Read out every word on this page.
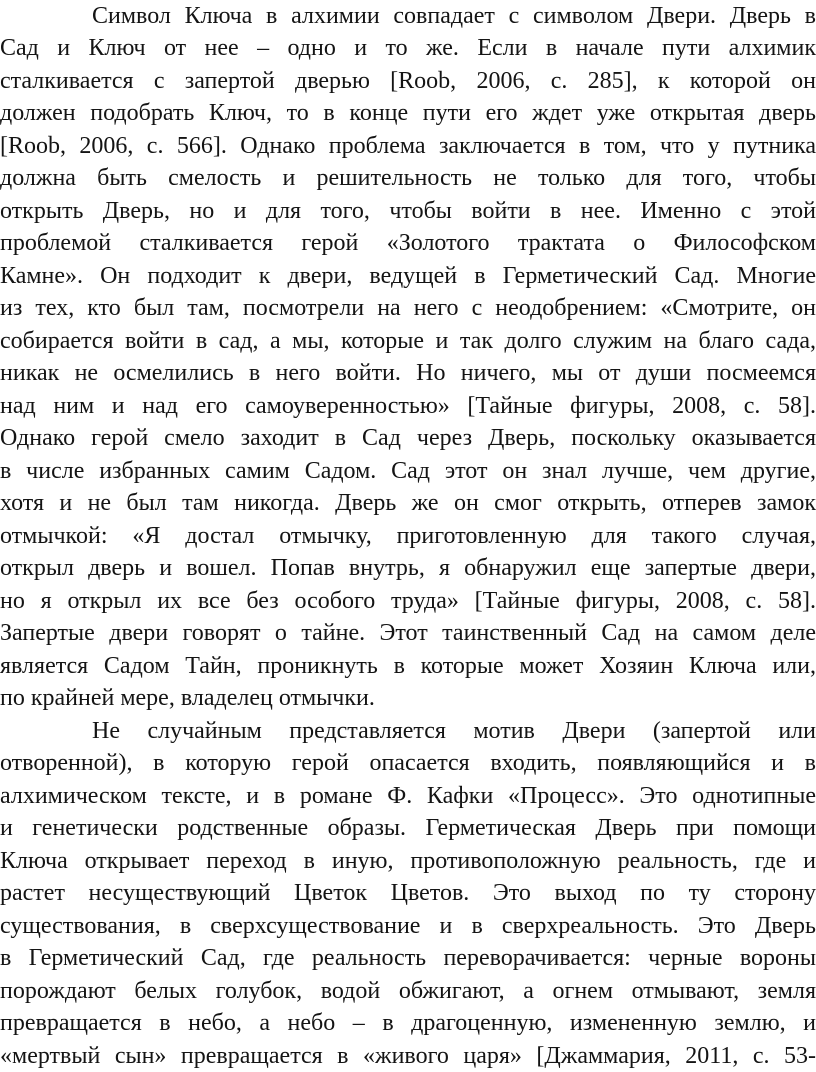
Символ Ключа в алхимии совпадает с символом Двери. Дверь в
Сад и Ключ от нее – одно и то же. Если в начале пути алхимик
сталкивается с запертой дверью [Roob, 2006, с. 285], к которой он
должен подобрать Ключ, то в конце пути его ждет уже открытая дверь
[Roob, 2006, с. 566]. Однако проблема заключается в том, что у путника
должна быть смелость и решительность не только для того, чтобы
открыть Дверь, но и для того, чтобы войти в нее. Именно с этой
проблемой сталкивается герой «Золотого трактата о Философском
Камне». Он подходит к двери, ведущей в Герметический Сад. Многие
из тех, кто был там, посмотрели на него с неодобрением: «Смотрите, он
собирается войти в сад, а мы, которые и так долго служим на благо сада,
никак не осмелились в него войти. Но ничего, мы от души посмеемся
над ним и над его самоуверенностью» [Тайные фигуры, 2008, с. 58].
Однако герой смело заходит в Сад через Дверь, поскольку оказывается
в числе избранных самим Садом. Сад этот он знал лучше, чем другие,
хотя и не был там никогда. Дверь же он смог открыть, отперев замок
отмычкой: «Я достал отмычку, приготовленную для такого случая,
открыл дверь и вошел. Попав внутрь, я обнаружил еще запертые двери,
но я открыл их все без особого труда» [Тайные фигуры, 2008, с. 58].
Запертые двери говорят о тайне. Этот таинственный Сад на самом деле
является Садом Тайн, проникнуть в которые может Хозяин Ключа или,
по крайней мере, владелец отмычки.
Не случайным представляется мотив Двери (запертой или
отворенной), в которую герой опасается входить, появляющийся и в
алхимическом тексте, и в романе Ф. Кафки «Процесс». Это однотипные
и генетически родственные образы. Герметическая Дверь при помощи
Ключа открывает переход в иную, противоположную реальность, где и
растет несуществующий Цветок Цветов. Это выход по ту сторону
существования, в сверхсуществование и в сверхреальность. Это Дверь
в Герметический Сад, где реальность переворачивается: черные вороны
порождают белых голубок, водой обжигают, а огнем отмывают, земля
превращается в небо, а небо – в драгоценную, измененную землю, и
«мертвый сын» превращается в «живого царя» [Джаммария, 2011, с. 53-
